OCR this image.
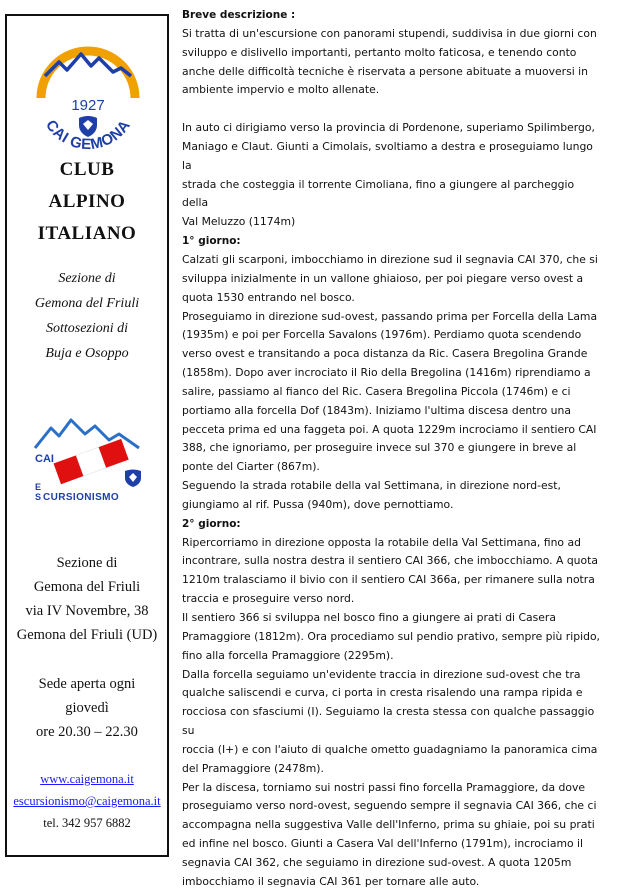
1927
CAI GEMONA
CLUB
ALPINO
ITALIANO
Sezione di
Gemona del Friuli
Sottosezioni di
Buja e Osoppo
CAI
E
S CURSIONISMO
Sezione di
Gemona del Friuli
via IV Novembre, 38
Gemona del Friuli (UD)
Sede aperta ogni
giovedì
ore 20.30 – 22.30
www.caigemona.it
escursionismo@caigemona.it
tel. 342 957 6882

Breve descrizione :

Si tratta di un'escursione con panorami stupendi, suddivisa in due giorni con

sviluppo e dislivello importanti, pertanto molto faticosa, e tenendo conto

anche delle difficoltà tecniche è riservata a persone abituate a muoversi in

ambiente impervio e molto allenate.

In auto ci dirigiamo verso la provincia di Pordenone, superiamo Spilimbergo,

Maniago e Claut. Giunti a Cimolais, svoltiamo a destra e proseguiamo lungo la

strada che costeggia il torrente Cimoliana, fino a giungere al parcheggio della

Val Meluzzo (1174m)

1° giorno:

Calzati gli scarponi, imbocchiamo in direzione sud il segnavia CAI 370, che si

sviluppa inizialmente in un vallone ghiaioso, per poi piegare verso ovest a

quota 1530 entrando nel bosco.

Proseguiamo in direzione sud-ovest, passando prima per Forcella della Lama

(1935m) e poi per Forcella Savalons (1976m). Perdiamo quota scendendo

verso ovest e transitando a poca distanza da Ric. Casera Bregolina Grande

(1858m). Dopo aver incrociato il Rio della Bregolina (1416m) riprendiamo a

salire, passiamo al fianco del Ric. Casera Bregolina Piccola (1746m) e ci

portiamo alla forcella Dof (1843m). Iniziamo l'ultima discesa dentro una

pecceta prima ed una faggeta poi. A quota 1229m incrociamo il sentiero CAI

388, che ignoriamo, per proseguire invece sul 370 e giungere in breve al

ponte del Ciarter (867m).

Seguendo la strada rotabile della val Settimana, in direzione nord-est,

giungiamo al rif. Pussa (940m), dove pernottiamo.

2° giorno:

Ripercorriamo in direzione opposta la rotabile della Val Settimana, fino ad

incontrare, sulla nostra destra il sentiero CAI 366, che imbocchiamo. A quota

1210m tralasciamo il bivio con il sentiero CAI 366a, per rimanere sulla notra

traccia e proseguire verso nord.

Il sentiero 366 si sviluppa nel bosco fino a giungere ai prati di Casera

Pramaggiore (1812m). Ora procediamo sul pendio prativo, sempre più ripido,

fino alla forcella Pramaggiore (2295m).

Dalla forcella seguiamo un'evidente traccia in direzione sud-ovest che tra

qualche saliscendi e curva, ci porta in cresta risalendo una rampa ripida e

rocciosa con sfasciumi (I). Seguiamo la cresta stessa con qualche passaggio su

roccia (I+) e con l'aiuto di qualche ometto guadagniamo la panoramica cima

del Pramaggiore (2478m).

Per la discesa, torniamo sui nostri passi fino forcella Pramaggiore, da dove

proseguiamo verso nord-ovest, seguendo sempre il segnavia CAI 366, che ci

accompagna nella suggestiva Valle dell'Inferno, prima su ghiaie, poi su prati

ed infine nel bosco. Giunti a Casera Val dell'Inferno (1791m), incrociamo il

segnavia CAI 362, che seguiamo in direzione sud-ovest. A quota 1205m

imbocchiamo il segnavia CAI 361 per tornare alle auto.
